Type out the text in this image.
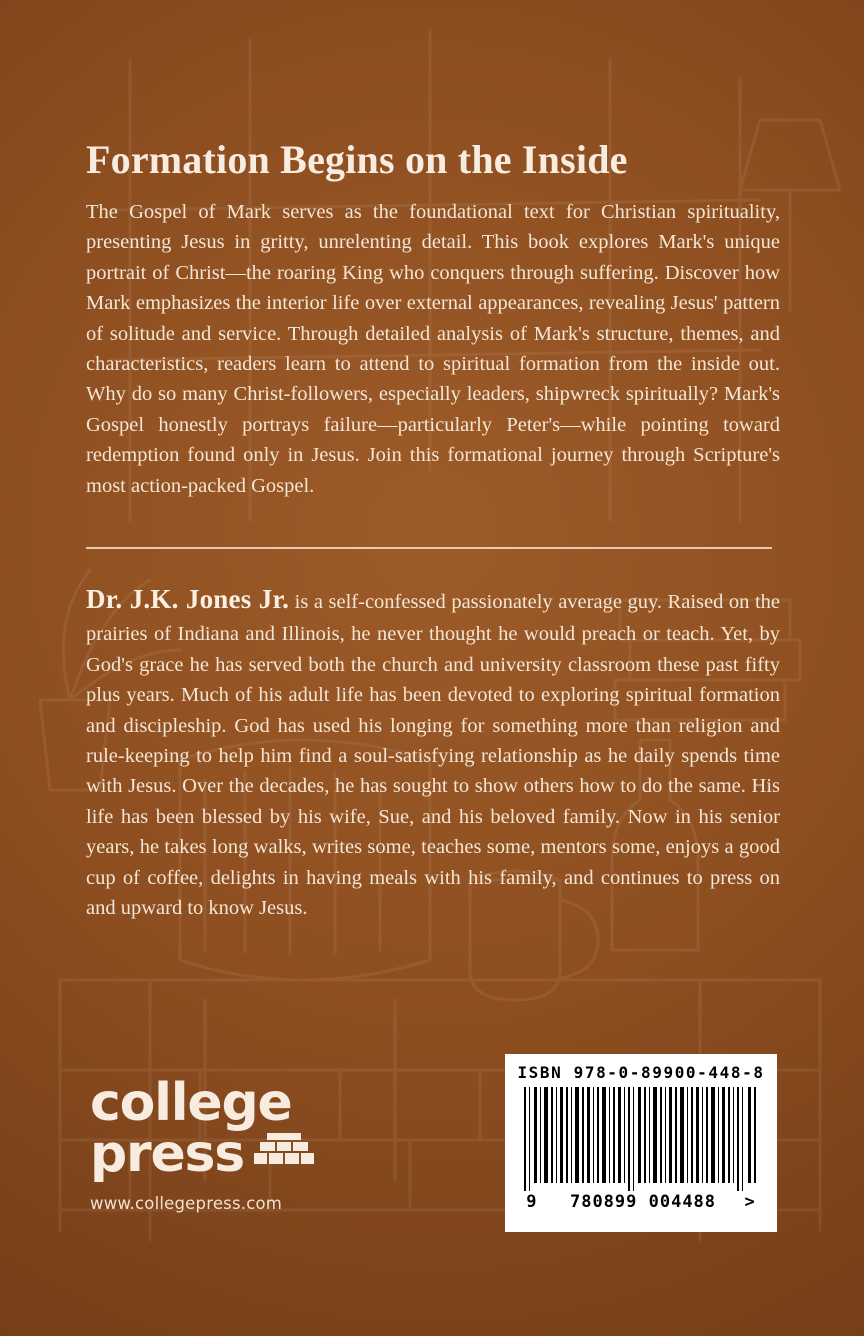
Formation Begins on the Inside

The Gospel of Mark serves as the foundational text for Christian spirituality, presenting Jesus in gritty, unrelenting detail. This book explores Mark's unique portrait of Christ—the roaring King who conquers through suffering. Discover how Mark emphasizes the interior life over external appearances, revealing Jesus' pattern of solitude and service. Through detailed analysis of Mark's structure, themes, and characteristics, readers learn to attend to spiritual formation from the inside out. Why do so many Christ-followers, especially leaders, shipwreck spiritually? Mark's Gospel honestly portrays failure—particularly Peter's—while pointing toward redemption found only in Jesus. Join this formational journey through Scripture's most action-packed Gospel.

Dr. J.K. Jones Jr. is a self-confessed passionately average guy. Raised on the prairies of Indiana and Illinois, he never thought he would preach or teach. Yet, by God's grace he has served both the church and university classroom these past fifty plus years. Much of his adult life has been devoted to exploring spiritual formation and discipleship. God has used his longing for something more than religion and rule-keeping to help him find a soul-satisfying relationship as he daily spends time with Jesus. Over the decades, he has sought to show others how to do the same. His life has been blessed by his wife, Sue, and his beloved family. Now in his senior years, he takes long walks, writes some, teaches some, mentors some, enjoys a good cup of coffee, delights in having meals with his family, and continues to press on and upward to know Jesus.

college
press
www.collegepress.com
ISBN 978-0-89900-448-8
9 780899 004488 >
